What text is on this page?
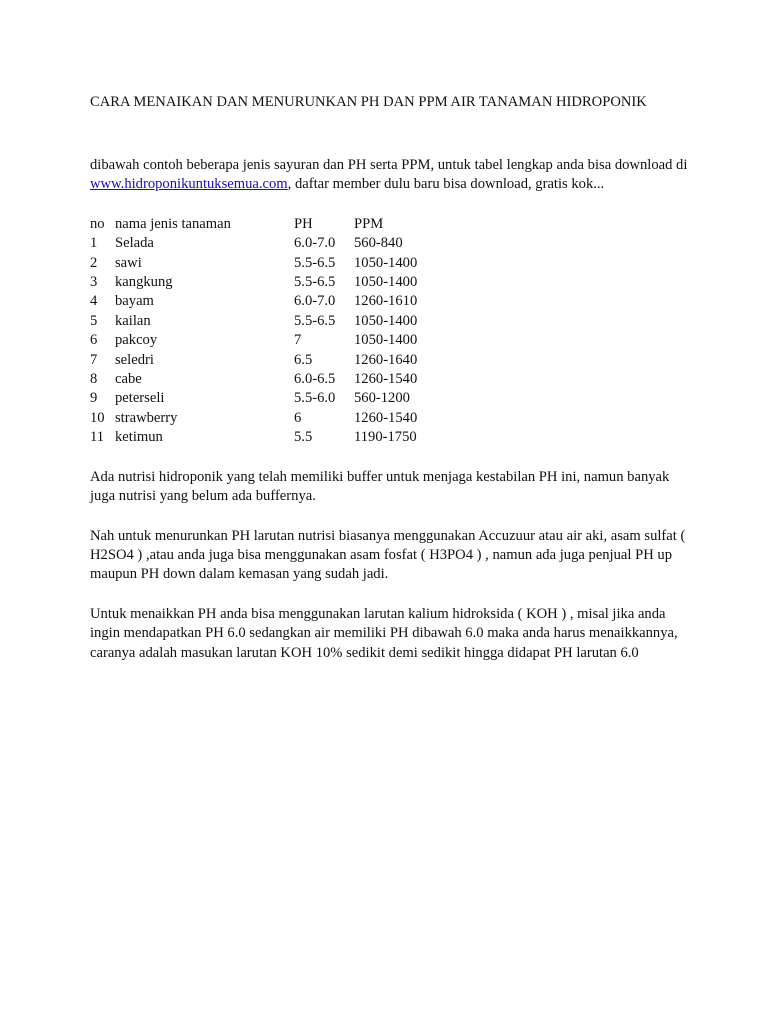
CARA MENAIKAN DAN MENURUNKAN PH DAN PPM AIR TANAMAN HIDROPONIK

dibawah contoh beberapa jenis sayuran dan PH serta PPM, untuk tabel lengkap anda bisa download di www.hidroponikuntuksemua.com, daftar member dulu baru bisa download, gratis kok...

no	nama jenis tanaman	PH	PPM
1	Selada	6.0-7.0	560-840
2	sawi	5.5-6.5	1050-1400
3	kangkung	5.5-6.5	1050-1400
4	bayam	6.0-7.0	1260-1610
5	kailan	5.5-6.5	1050-1400
6	pakcoy	7	1050-1400
7	seledri	6.5	1260-1640
8	cabe	6.0-6.5	1260-1540
9	peterseli	5.5-6.0	560-1200
10	strawberry	6	1260-1540
11	ketimun	5.5	1190-1750

Ada nutrisi hidroponik yang telah memiliki buffer untuk menjaga kestabilan PH ini, namun banyak juga nutrisi yang belum ada buffernya.

Nah untuk menurunkan PH larutan nutrisi biasanya menggunakan Accuzuur atau air aki, asam sulfat ( H2SO4 ) ,atau anda juga bisa menggunakan asam fosfat ( H3PO4 ) , namun ada juga penjual PH up maupun PH down dalam kemasan yang sudah jadi.

Untuk menaikkan PH anda bisa menggunakan larutan kalium hidroksida ( KOH ) , misal jika anda ingin mendapatkan PH 6.0 sedangkan air memiliki PH dibawah 6.0 maka anda harus menaikkannya, caranya adalah masukan larutan KOH 10% sedikit demi sedikit hingga didapat PH larutan 6.0
